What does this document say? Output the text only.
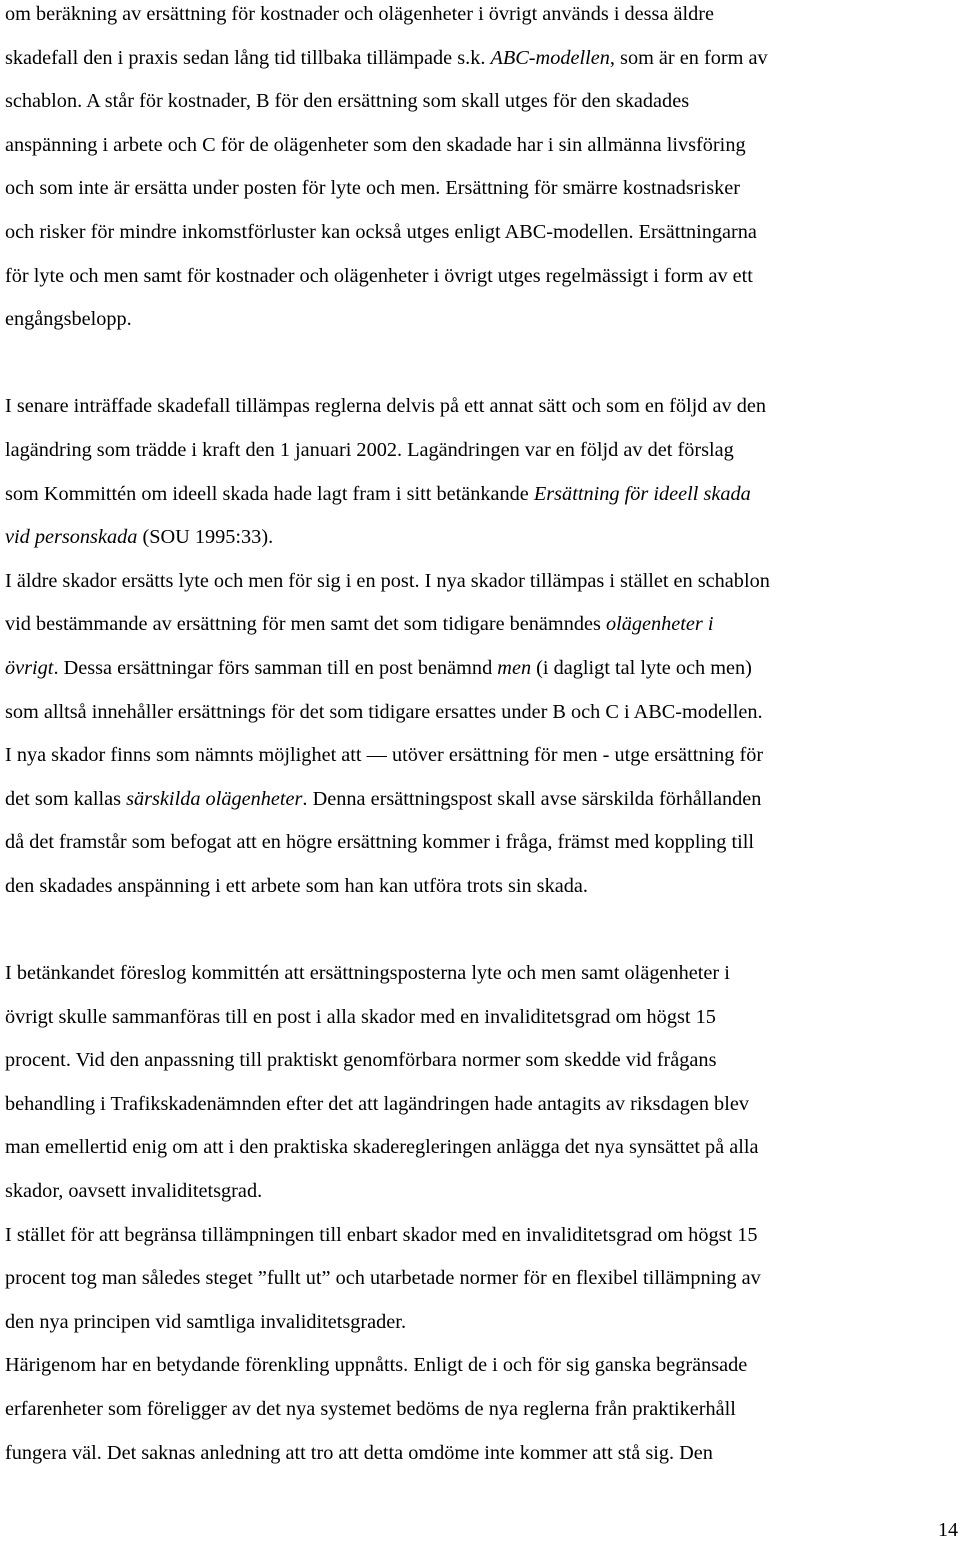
om beräkning av ersättning för kostnader och olägenheter i övrigt används i dessa äldre
skadefall den i praxis sedan lång tid tillbaka tillämpade s.k. ABC-modellen, som är en form av
schablon. A står för kostnader, B för den ersättning som skall utges för den skadades
anspänning i arbete och C för de olägenheter som den skadade har i sin allmänna livsföring
och som inte är ersätta under posten för lyte och men. Ersättning för smärre kostnadsrisker
och risker för mindre inkomstförluster kan också utges enligt ABC-modellen. Ersättningarna
för lyte och men samt för kostnader och olägenheter i övrigt utges regelmässigt i form av ett
engångsbelopp.
I senare inträffade skadefall tillämpas reglerna delvis på ett annat sätt och som en följd av den
lagändring som trädde i kraft den 1 januari 2002. Lagändringen var en följd av det förslag
som Kommittén om ideell skada hade lagt fram i sitt betänkande Ersättning för ideell skada
vid personskada (SOU 1995:33).
I äldre skador ersätts lyte och men för sig i en post. I nya skador tillämpas i stället en schablon
vid bestämmande av ersättning för men samt det som tidigare benämndes olägenheter i
övrigt. Dessa ersättningar förs samman till en post benämnd men (i dagligt tal lyte och men)
som alltså innehåller ersättnings för det som tidigare ersattes under B och C i ABC-modellen.
I nya skador finns som nämnts möjlighet att — utöver ersättning för men - utge ersättning för
det som kallas särskilda olägenheter. Denna ersättningspost skall avse särskilda förhållanden
då det framstår som befogat att en högre ersättning kommer i fråga, främst med koppling till
den skadades anspänning i ett arbete som han kan utföra trots sin skada.
I betänkandet föreslog kommittén att ersättningsposterna lyte och men samt olägenheter i
övrigt skulle sammanföras till en post i alla skador med en invaliditetsgrad om högst 15
procent. Vid den anpassning till praktiskt genomförbara normer som skedde vid frågans
behandling i Trafikskadenämnden efter det att lagändringen hade antagits av riksdagen blev
man emellertid enig om att i den praktiska skaderegleringen anlägga det nya synsättet på alla
skador, oavsett invaliditetsgrad.
I stället för att begränsa tillämpningen till enbart skador med en invaliditetsgrad om högst 15
procent tog man således steget ”fullt ut” och utarbetade normer för en flexibel tillämpning av
den nya principen vid samtliga invaliditetsgrader.
Härigenom har en betydande förenkling uppnåtts. Enligt de i och för sig ganska begränsade
erfarenheter som föreligger av det nya systemet bedöms de nya reglerna från praktikerhåll
fungera väl. Det saknas anledning att tro att detta omdöme inte kommer att stå sig. Den
14
